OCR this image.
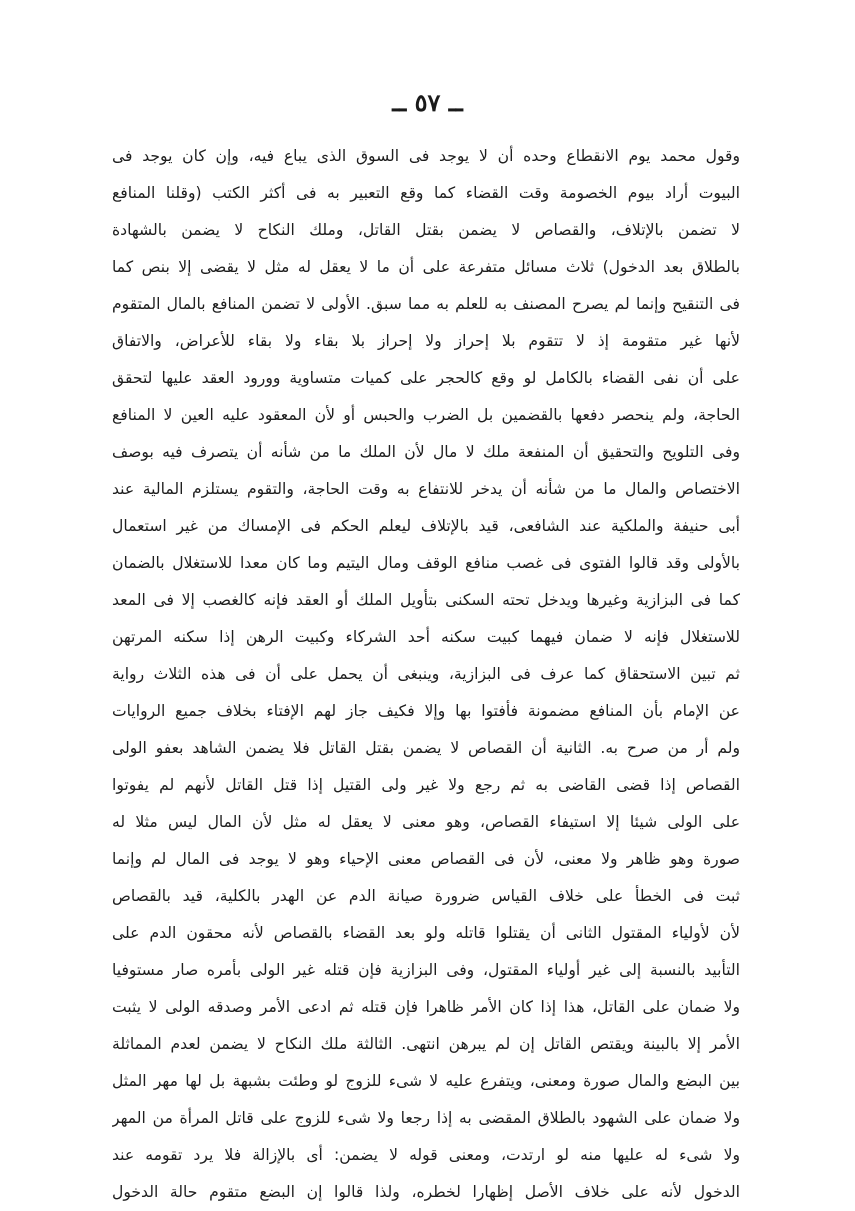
ــ ٥٧ ــ
وقول محمد يوم الانقطاع وحده أن لا يوجد فى السوق الذى يباع فيه، وإن كان يوجد فى
البيوت أراد بيوم الخصومة وقت القضاء كما وقع التعبير به فى أكثر الكتب (وقلنا المنافع
لا تضمن بالإتلاف، والقصاص لا يضمن بقتل القاتل، وملك النكاح لا يضمن بالشهادة
بالطلاق بعد الدخول) ثلاث مسائل متفرعة على أن ما لا يعقل له مثل لا يقضى إلا بنص كما
فى التنقيح وإنما لم يصرح المصنف به للعلم به مما سبق. الأولى لا تضمن المنافع بالمال المتقوم
لأنها غير متقومة إذ لا تتقوم بلا إحراز ولا إحراز بلا بقاء ولا بقاء للأعراض، والاتفاق
على أن نفى القضاء بالكامل لو وقع كالحجر على كميات متساوية وورود العقد عليها لتحقق
الحاجة، ولم ينحصر دفعها بالقضمين بل الضرب والحبس أو لأن المعقود عليه العين لا المنافع
وفى التلويح والتحقيق أن المنفعة ملك لا مال لأن الملك ما من شأنه أن يتصرف فيه بوصف
الاختصاص والمال ما من شأنه أن يدخر للانتفاع به وقت الحاجة، والتقوم يستلزم المالية عند
أبى حنيفة والملكية عند الشافعى، قيد بالإتلاف ليعلم الحكم فى الإمساك من غير استعمال
بالأولى وقد قالوا الفتوى فى غصب منافع الوقف ومال اليتيم وما كان معدا للاستغلال بالضمان
كما فى البزازية وغيرها ويدخل تحته السكنى بتأويل الملك أو العقد فإنه كالغصب إلا فى المعد
للاستغلال فإنه لا ضمان فيهما كبيت سكنه أحد الشركاء وكبيت الرهن إذا سكنه المرتهن
ثم تبين الاستحقاق كما عرف فى البزازية، وينبغى أن يحمل على أن فى هذه الثلاث رواية
عن الإمام بأن المنافع مضمونة فأفتوا بها وإلا فكيف جاز لهم الإفتاء بخلاف جميع الروايات
ولم أر من صرح به. الثانية أن القصاص لا يضمن بقتل القاتل فلا يضمن الشاهد بعفو الولى
القصاص إذا قضى القاضى به ثم رجع ولا غير ولى القتيل إذا قتل القاتل لأنهم لم يفوتوا
على الولى شيئا إلا استيفاء القصاص، وهو معنى لا يعقل له مثل لأن المال ليس مثلا له
صورة وهو ظاهر ولا معنى، لأن فى القصاص معنى الإحياء وهو لا يوجد فى المال لم وإنما
ثبت فى الخطأ على خلاف القياس ضرورة صيانة الدم عن الهدر بالكلية، قيد بالقصاص
لأن لأولياء المقتول الثانى أن يقتلوا قاتله ولو بعد القضاء بالقصاص لأنه محقون الدم على
التأبيد بالنسبة إلى غير أولياء المقتول، وفى البزازية فإن قتله غير الولى بأمره صار مستوفيا
ولا ضمان على القاتل، هذا إذا كان الأمر ظاهرا فإن قتله ثم ادعى الأمر وصدقه الولى لا يثبت
الأمر إلا بالبينة ويقتص القاتل إن لم يبرهن انتهى. الثالثة ملك النكاح لا يضمن لعدم المماثلة
بين البضع والمال صورة ومعنى، ويتفرع عليه لا شىء للزوج لو وطئت بشبهة بل لها مهر المثل
ولا ضمان على الشهود بالطلاق المقضى به إذا رجعا ولا شىء للزوج على قاتل المرأة من المهر
ولا شىء له عليها منه لو ارتدت، ومعنى قوله لا يضمن: أى بالإزالة فلا يرد تقومه عند
الدخول لأنه على خلاف الأصل إظهارا لخطره، ولذا قالوا إن البضع متقوم حالة الدخول
